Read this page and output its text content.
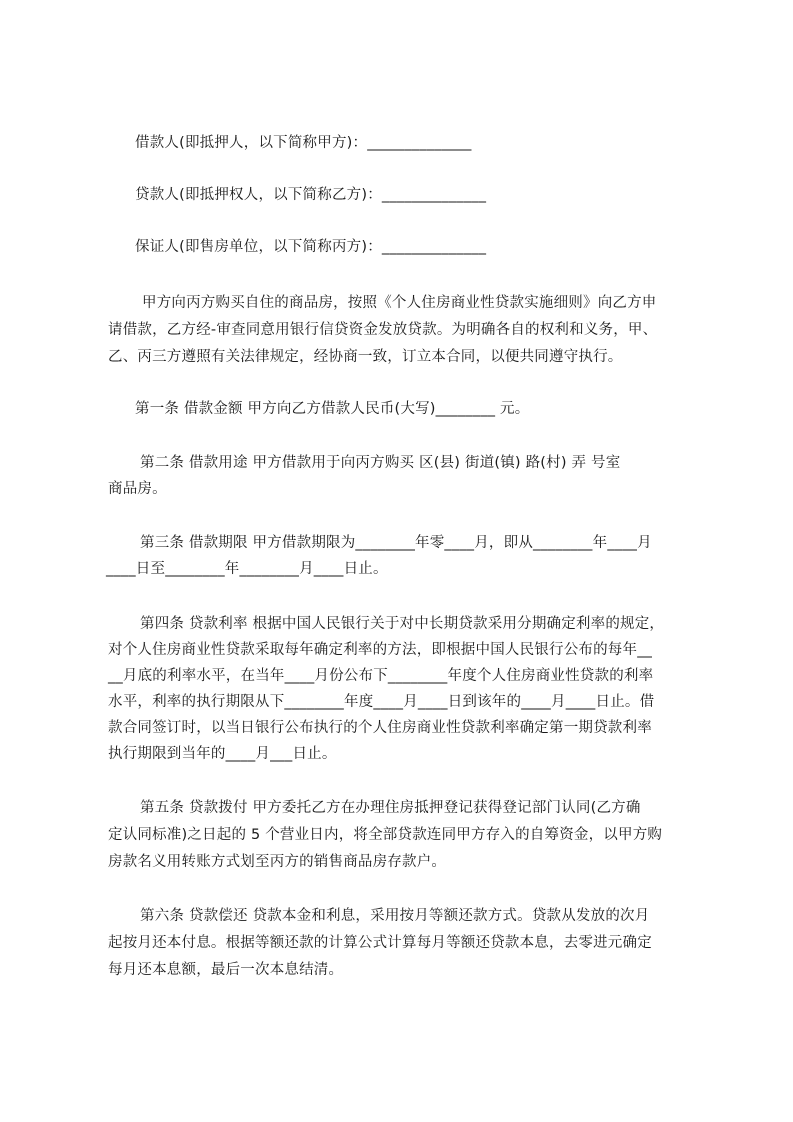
借款人(即抵押人，以下简称甲方)：______________
贷款人(即抵押权人，以下简称乙方)：______________
保证人(即售房单位，以下简称丙方)：______________
甲方向丙方购买自住的商品房，按照《个人住房商业性贷款实施细则》向乙方申
请借款，乙方经-审查同意用银行信贷资金发放贷款。为明确各自的权利和义务，甲、
乙、丙三方遵照有关法律规定，经协商一致，订立本合同，以便共同遵守执行。
第一条 借款金额 甲方向乙方借款人民币(大写)________ 元。
第二条 借款用途 甲方借款用于向丙方购买 区(县) 街道(镇) 路(村) 弄 号室
商品房。
第三条 借款期限 甲方借款期限为________年零____月，即从________年____月
____日至________年________月____日止。
第四条 贷款利率 根据中国人民银行关于对中长期贷款采用分期确定利率的规定，
对个人住房商业性贷款采取每年确定利率的方法，即根据中国人民银行公布的每年__
__月底的利率水平，在当年____月份公布下________年度个人住房商业性贷款的利率
水平，利率的执行期限从下________年度____月____日到该年的____月____日止。借
款合同签订时，以当日银行公布执行的个人住房商业性贷款利率确定第一期贷款利率
执行期限到当年的____月___日止。
第五条 贷款拨付 甲方委托乙方在办理住房抵押登记获得登记部门认同(乙方确
定认同标准)之日起的 5 个营业日内，将全部贷款连同甲方存入的自筹资金，以甲方购
房款名义用转账方式划至丙方的销售商品房存款户。
第六条 贷款偿还 贷款本金和利息，采用按月等额还款方式。贷款从发放的次月
起按月还本付息。根据等额还款的计算公式计算每月等额还贷款本息，去零进元确定
每月还本息额，最后一次本息结清。
